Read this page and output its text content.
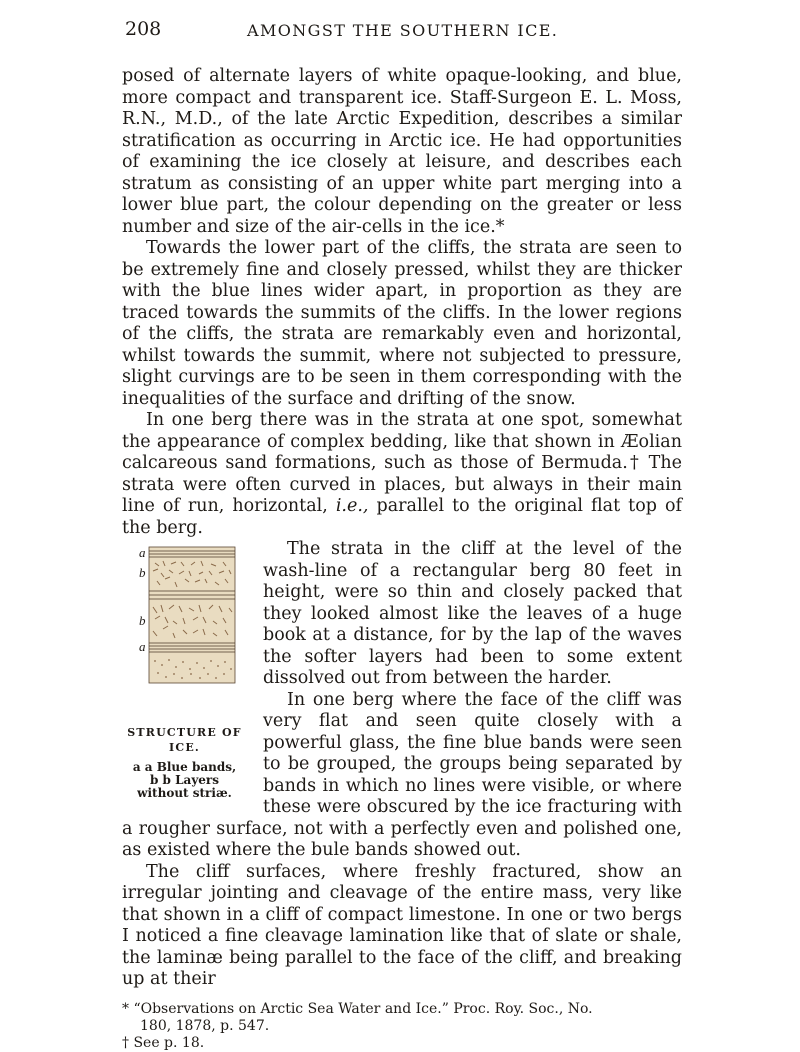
208	AMONGST THE SOUTHERN ICE.

posed of alternate layers of white opaque-looking, and blue, more compact and transparent ice. Staff-Surgeon E. L. Moss, R.N., M.D., of the late Arctic Expedition, describes a similar stratification as occurring in Arctic ice. He had opportunities of examining the ice closely at leisure, and describes each stratum as consisting of an upper white part merging into a lower blue part, the colour depending on the greater or less number and size of the air-cells in the ice.*

Towards the lower part of the cliffs, the strata are seen to be extremely fine and closely pressed, whilst they are thicker with the blue lines wider apart, in proportion as they are traced towards the summits of the cliffs. In the lower regions of the cliffs, the strata are remarkably even and horizontal, whilst towards the summit, where not subjected to pressure, slight curvings are to be seen in them corresponding with the inequalities of the surface and drifting of the snow.

In one berg there was in the strata at one spot, somewhat the appearance of complex bedding, like that shown in Æolian calcareous sand formations, such as those of Bermuda.† The strata were often curved in places, but always in their main line of run, horizontal, i.e., parallel to the original flat top of the berg.

a
b
b
a
STRUCTURE OF
ICE.
a a Blue bands,
b b Layers
without striæ.

The strata in the cliff at the level of the wash-line of a rectangular berg 80 feet in height, were so thin and closely packed that they looked almost like the leaves of a huge book at a distance, for by the lap of the waves the softer layers had been to some extent dissolved out from between the harder.

In one berg where the face of the cliff was very flat and seen quite closely with a powerful glass, the fine blue bands were seen to be grouped, the groups being separated by bands in which no lines were visible, or where these were obscured by the ice fracturing with a rougher surface, not with a perfectly even and polished one, as existed where the bule bands showed out.

The cliff surfaces, where freshly fractured, show an irregular jointing and cleavage of the entire mass, very like that shown in a cliff of compact limestone. In one or two bergs I noticed a fine cleavage lamination like that of slate or shale, the laminæ being parallel to the face of the cliff, and breaking up at their

* “Observations on Arctic Sea Water and Ice.” Proc. Roy. Soc., No.

180, 1878, p. 547.

† See p. 18.
